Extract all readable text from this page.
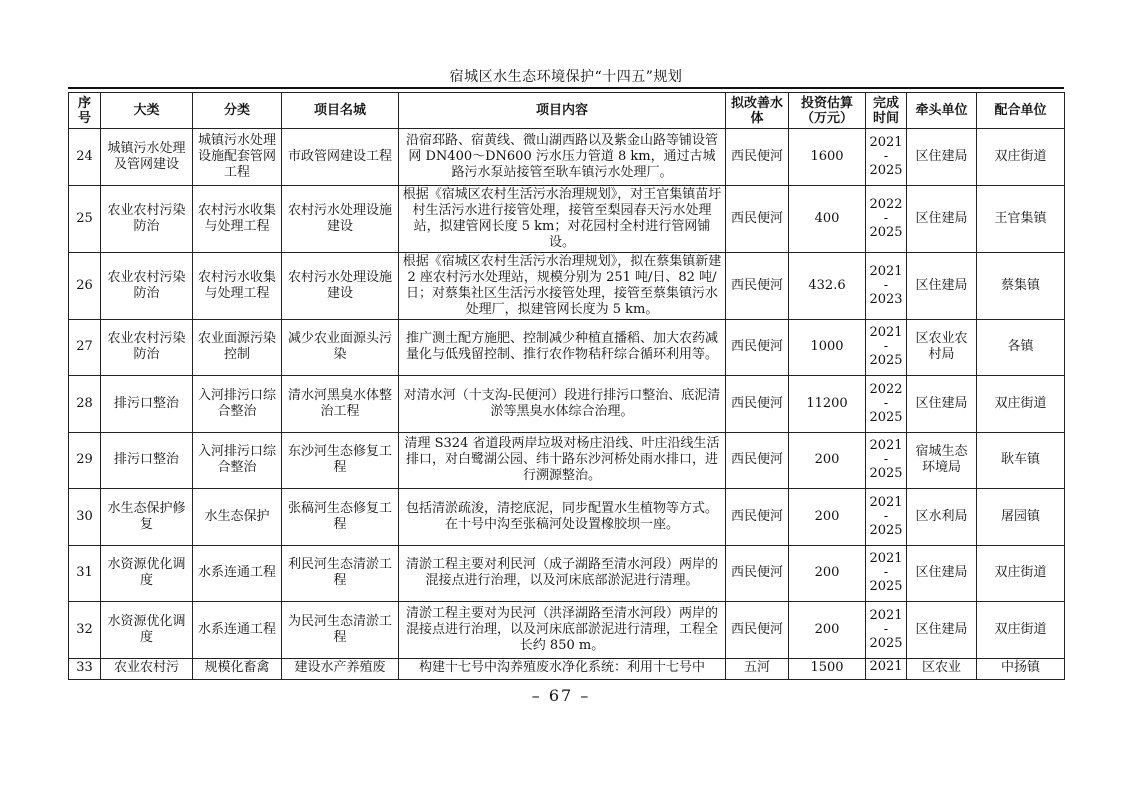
宿城区水生态环境保护“十四五”规划
序号	大类	分类	项目名城	项目内容	拟改善水体	投资估算（万元）	完成时间	牵头单位	配合单位
24	城镇污水处理及管网建设	城镇污水处理设施配套管网工程	市政管网建设工程	沿宿邳路、宿黄线、微山湖西路以及紫金山路等铺设管网 DN400～DN600 污水压力管道 8 km，通过古城路污水泵站接管至耿车镇污水处理厂。	西民便河	1600	2021
-
2025	区住建局	双庄街道
25	农业农村污染防治	农村污水收集与处理工程	农村污水处理设施建设	根据《宿城区农村生活污水治理规划》，对王官集镇苗圩村生活污水进行接管处理，接管至梨园春天污水处理站，拟建管网长度 5 km；对花园村全村进行管网铺设。	西民便河	400	2022
-
2025	区住建局	王官集镇
26	农业农村污染防治	农村污水收集与处理工程	农村污水处理设施建设	根据《宿城区农村生活污水治理规划》，拟在蔡集镇新建 2 座农村污水处理站，规模分别为 251 吨/日、82 吨/日；对蔡集社区生活污水接管处理，接管至蔡集镇污水处理厂，拟建管网长度为 5 km。	西民便河	432.6	2021
-
2023	区住建局	蔡集镇
27	农业农村污染防治	农业面源污染控制	减少农业面源头污染	推广测土配方施肥、控制减少种植直播稻、加大农药减量化与低残留控制、推行农作物秸秆综合循环利用等。	西民便河	1000	2021
-
2025	区农业农村局	各镇
28	排污口整治	入河排污口综合整治	清水河黑臭水体整治工程	对清水河（十支沟-民便河）段进行排污口整治、底泥清淤等黑臭水体综合治理。	西民便河	11200	2022
-
2025	区住建局	双庄街道
29	排污口整治	入河排污口综合整治	东沙河生态修复工程	清理 S324 省道段两岸垃圾对杨庄沿线、叶庄沿线生活排口，对白鹭湖公园、纬十路东沙河桥处雨水排口，进行溯源整治。	西民便河	200	2021
-
2025	宿城生态环境局	耿车镇
30	水生态保护修复	水生态保护	张稿河生态修复工程	包括清淤疏浚，清挖底泥，同步配置水生植物等方式。在十号中沟至张稿河处设置橡胶坝一座。	西民便河	200	2021
-
2025	区水利局	屠园镇
31	水资源优化调度	水系连通工程	利民河生态清淤工程	清淤工程主要对利民河（成子湖路至清水河段）两岸的混接点进行治理，以及河床底部淤泥进行清理。	西民便河	200	2021
-
2025	区住建局	双庄街道
32	水资源优化调度	水系连通工程	为民河生态清淤工程	清淤工程主要对为民河（洪泽湖路至清水河段）两岸的混接点进行治理，以及河床底部淤泥进行清理，工程全长约 850 m。	西民便河	200	2021
-
2025	区住建局	双庄街道
33	农业农村污	规模化畜禽	建设水产养殖废	构建十七号中沟养殖废水净化系统：利用十七号中	五河	1500	2021	区农业	中扬镇
– 67 –
